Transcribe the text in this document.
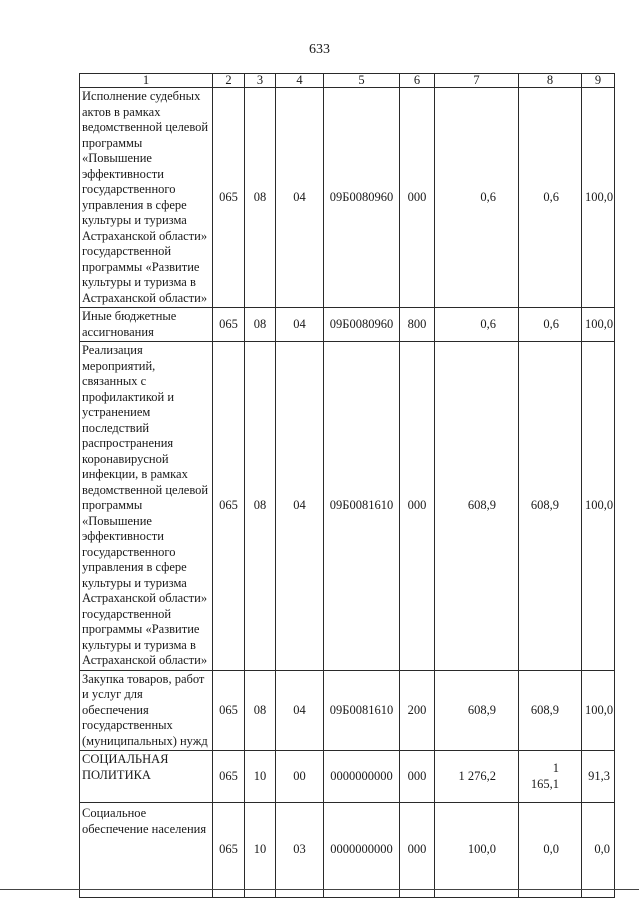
633
1	2	3	4	5	6	7	8	9
Исполнение судебных актов в рамках ведомственной целевой программы «Повышение эффективности государственного управления в сфере культуры и туризма Астраханской области» государственной программы «Развитие культуры и туризма в Астраханской области»	065	08	04	09Б0080960	000	0,6	0,6	100,0
Иные бюджетные ассигнования	065	08	04	09Б0080960	800	0,6	0,6	100,0
Реализация мероприятий, связанных с профилактикой и устранением последствий распространения коронавирусной инфекции, в рамках ведомственной целевой программы «Повышение эффективности государственного управления в сфере культуры и туризма Астраханской области» государственной программы «Развитие культуры и туризма в Астраханской области»	065	08	04	09Б0081610	000	608,9	608,9	100,0
Закупка товаров, работ и услуг для обеспечения государственных (муниципальных) нужд	065	08	04	09Б0081610	200	608,9	608,9	100,0
СОЦИАЛЬНАЯ ПОЛИТИКА	065	10	00	0000000000	000	1 276,2	1 165,1	91,3
Социальное обеспечение населения	065	10	03	0000000000	000	100,0	0,0	0,0
